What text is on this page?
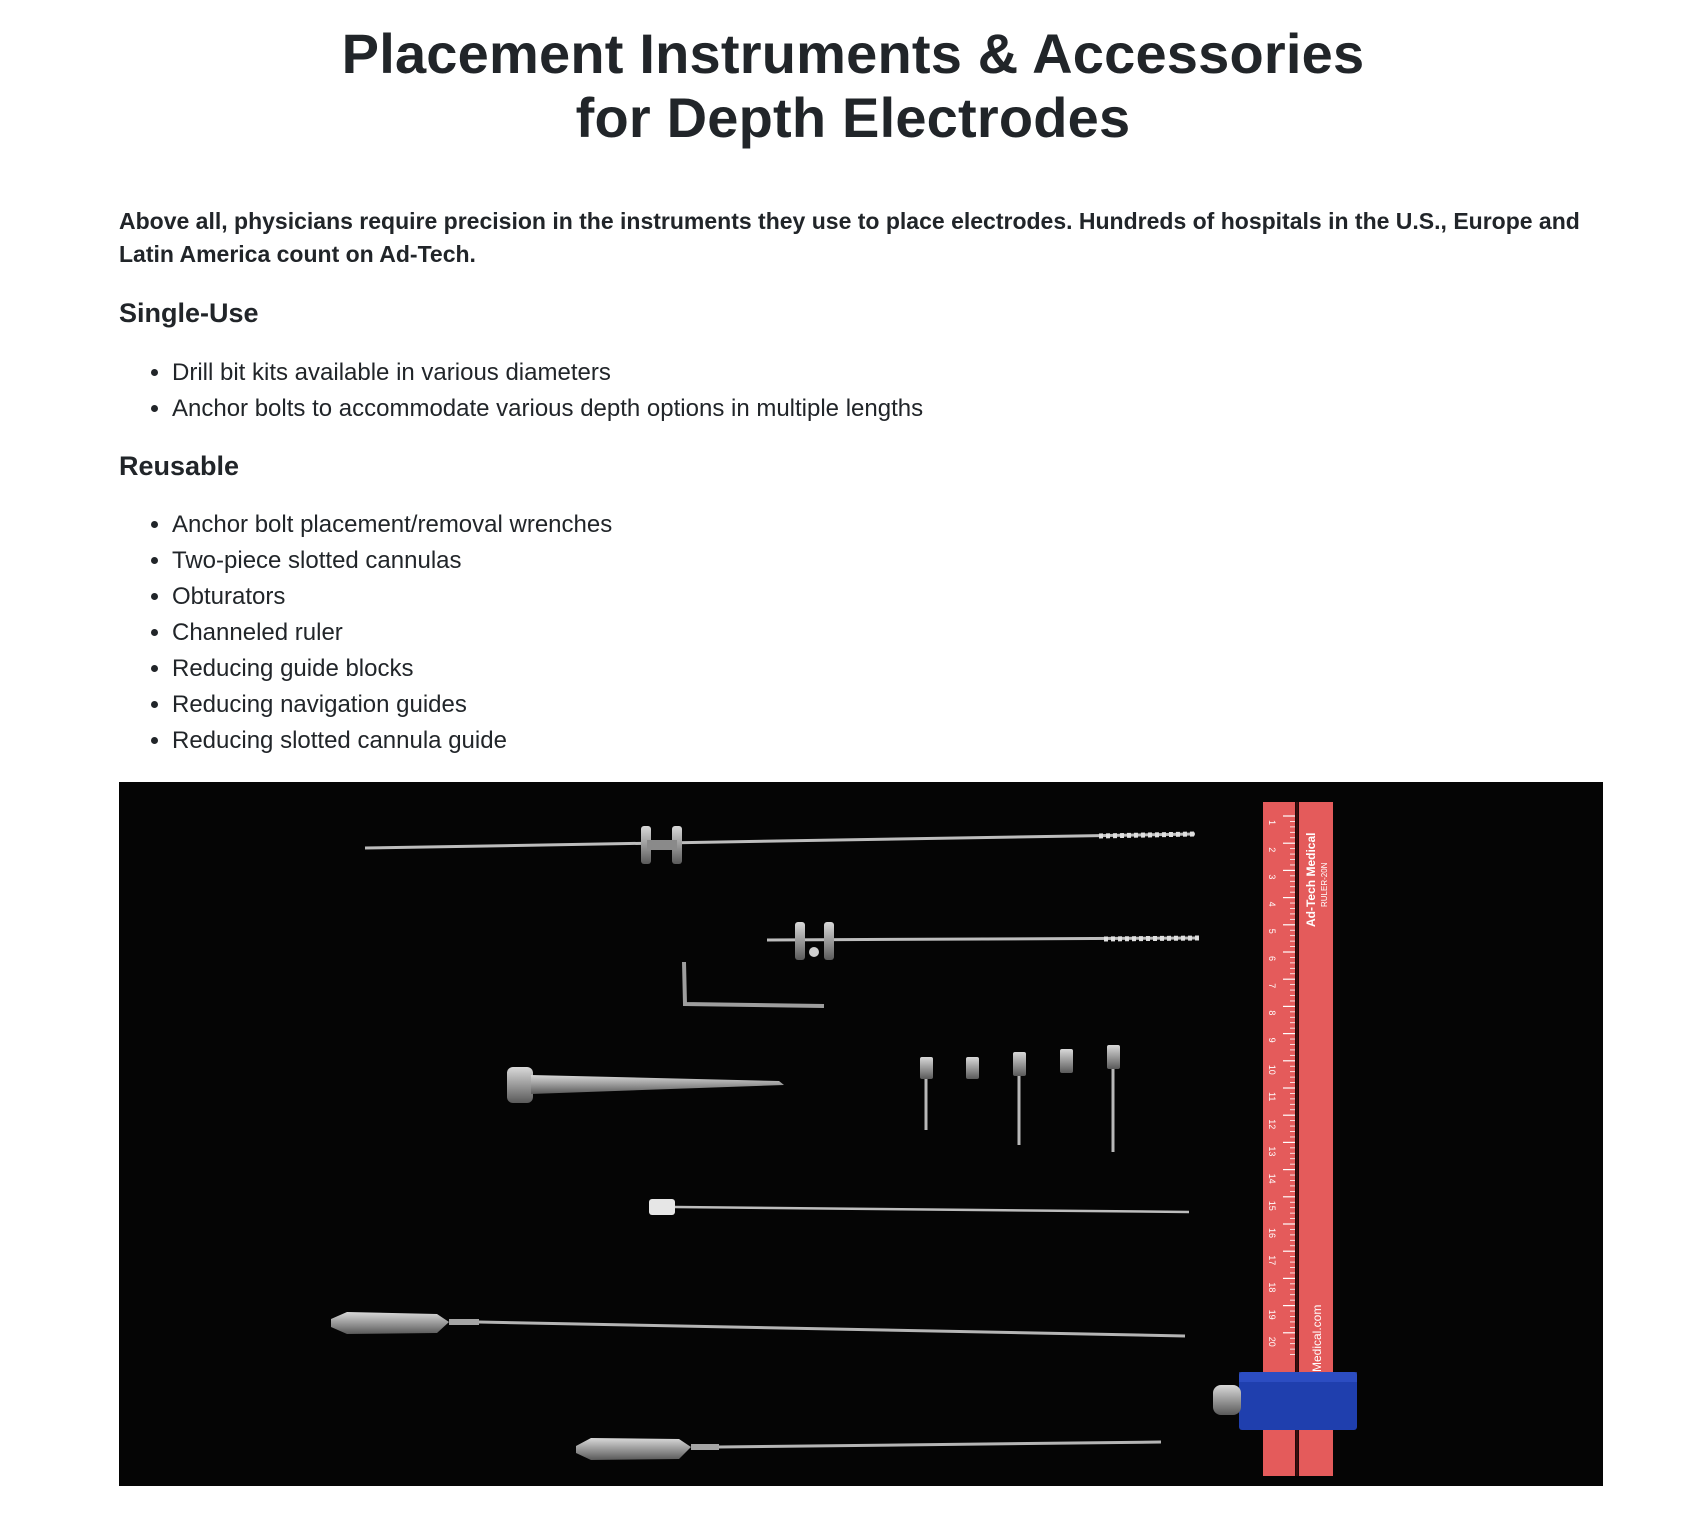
Placement Instruments & Accessories
for Depth Electrodes

Above all, physicians require precision in the instruments they use to place electrodes. Hundreds of hospitals in the U.S., Europe and Latin America count on Ad-Tech.

Single-Use
• Drill bit kits available in various diameters
• Anchor bolts to accommodate various depth options in multiple lengths
Reusable
• Anchor bolt placement/removal wrenches
• Two-piece slotted cannulas
• Obturators
• Channeled ruler
• Reducing guide blocks
• Reducing navigation guides
• Reducing slotted cannula guide
1
2
3
4
5
6
7
8
9
10
11
12
13
14
15
16
17
18
19
20
Ad-Tech Medical RULER-20N
Medical.com
